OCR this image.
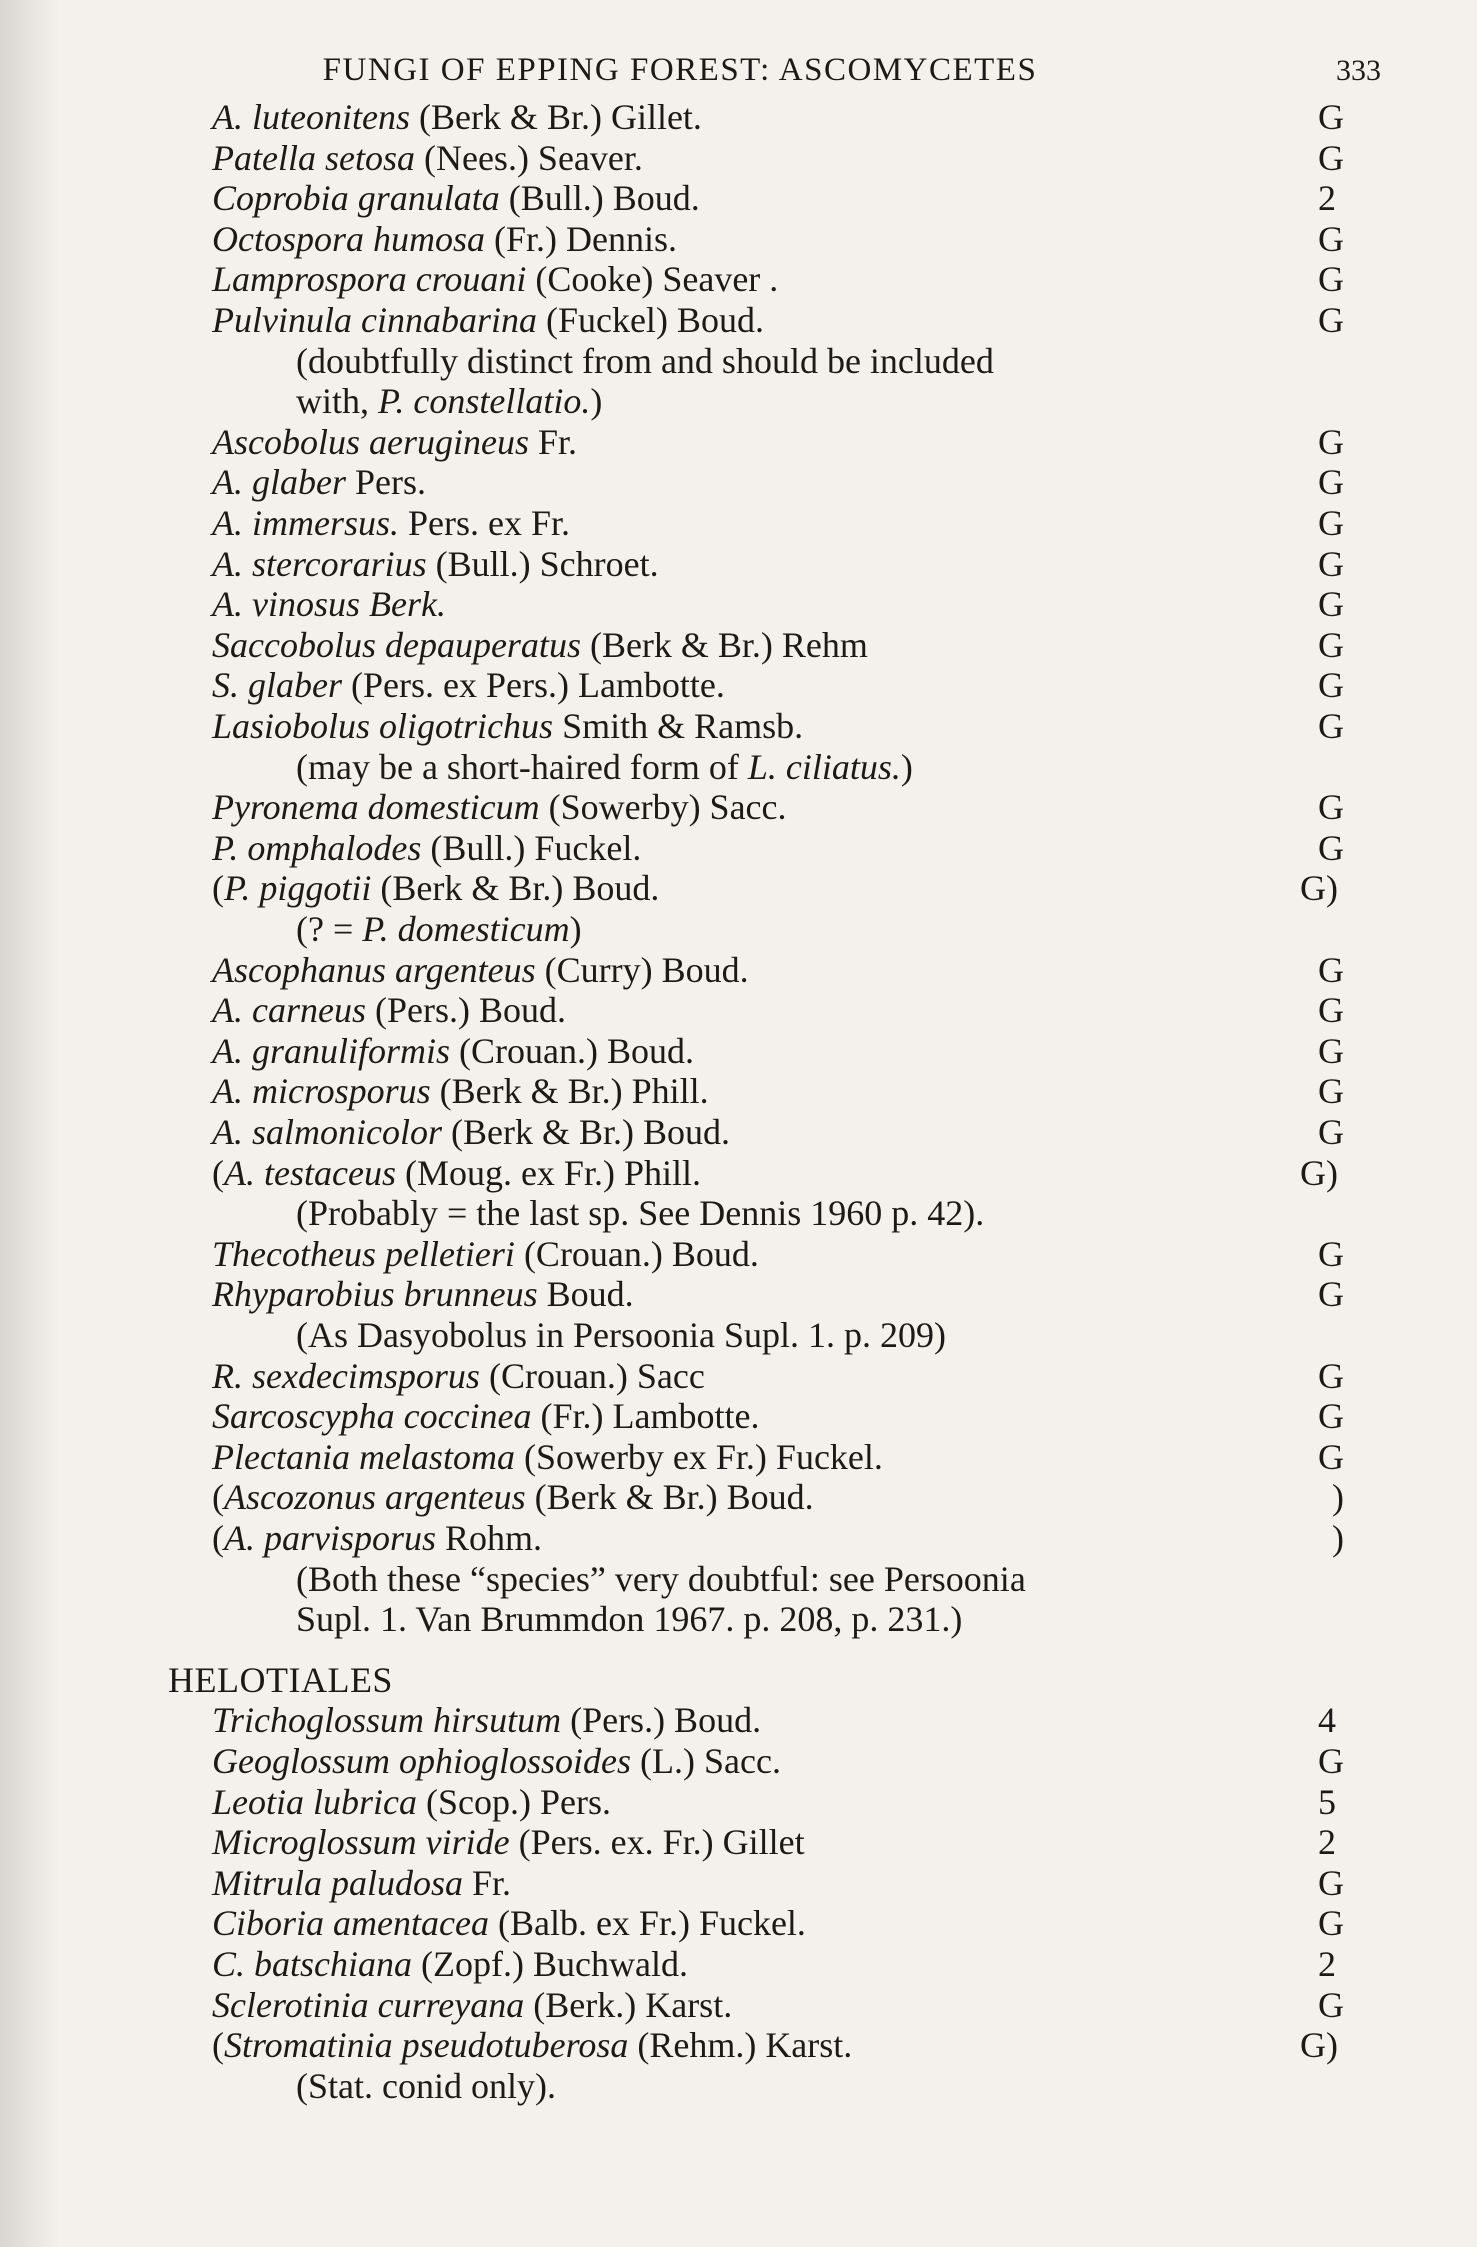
FUNGI OF EPPING FOREST: ASCOMYCETES	333
A. luteonitens (Berk & Br.) Gillet.	G
Patella setosa (Nees.) Seaver.	G
Coprobia granulata (Bull.) Boud.	2
Octospora humosa (Fr.) Dennis.	G
Lamprospora crouani (Cooke) Seaver .	G
Pulvinula cinnabarina (Fuckel) Boud.	G
(doubtfully distinct from and should be included
with, P. constellatio.)
Ascobolus aerugineus Fr.	G
A. glaber Pers.	G
A. immersus. Pers. ex Fr.	G
A. stercorarius (Bull.) Schroet.	G
A. vinosus Berk.	G
Saccobolus depauperatus (Berk & Br.) Rehm	G
S. glaber (Pers. ex Pers.) Lambotte.	G
Lasiobolus oligotrichus Smith & Ramsb.	G
(may be a short-haired form of L. ciliatus.)
Pyronema domesticum (Sowerby) Sacc.	G
P. omphalodes (Bull.) Fuckel.	G
(P. piggotii (Berk & Br.) Boud.	G)
(? = P. domesticum)
Ascophanus argenteus (Curry) Boud.	G
A. carneus (Pers.) Boud.	G
A. granuliformis (Crouan.) Boud.	G
A. microsporus (Berk & Br.) Phill.	G
A. salmonicolor (Berk & Br.) Boud.	G
(A. testaceus (Moug. ex Fr.) Phill.	G)
(Probably = the last sp. See Dennis 1960 p. 42).
Thecotheus pelletieri (Crouan.) Boud.	G
Rhyparobius brunneus Boud.	G
(As Dasyobolus in Persoonia Supl. 1. p. 209)
R. sexdecimsporus (Crouan.) Sacc	G
Sarcoscypha coccinea (Fr.) Lambotte.	G
Plectania melastoma (Sowerby ex Fr.) Fuckel.	G
(Ascozonus argenteus (Berk & Br.) Boud.	)
(A. parvisporus Rohm.	)
(Both these “species” very doubtful: see Persoonia
Supl. 1. Van Brummdon 1967. p. 208, p. 231.)
HELOTIALES
Trichoglossum hirsutum (Pers.) Boud.	4
Geoglossum ophioglossoides (L.) Sacc.	G
Leotia lubrica (Scop.) Pers.	5
Microglossum viride (Pers. ex. Fr.) Gillet	2
Mitrula paludosa Fr.	G
Ciboria amentacea (Balb. ex Fr.) Fuckel.	G
C. batschiana (Zopf.) Buchwald.	2
Sclerotinia curreyana (Berk.) Karst.	G
(Stromatinia pseudotuberosa (Rehm.) Karst.	G)
(Stat. conid only).
